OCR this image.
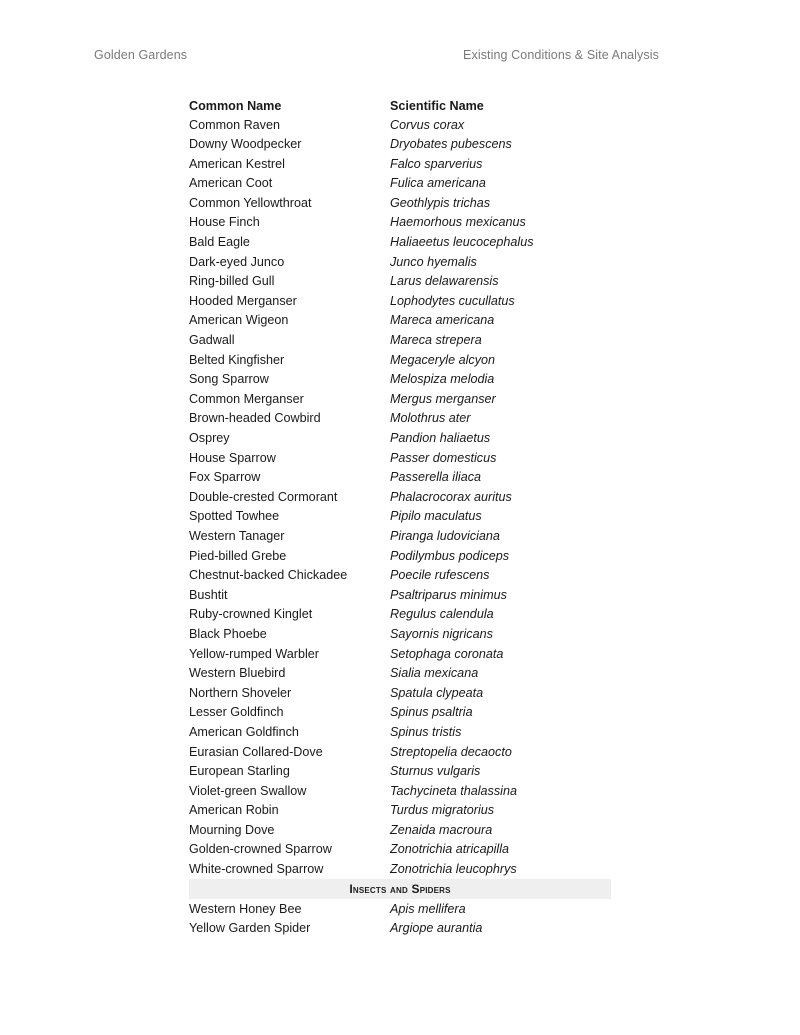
Golden Gardens	Existing Conditions & Site Analysis
Common Name	Scientific Name
Common Raven	Corvus corax
Downy Woodpecker	Dryobates pubescens
American Kestrel	Falco sparverius
American Coot	Fulica americana
Common Yellowthroat	Geothlypis trichas
House Finch	Haemorhous mexicanus
Bald Eagle	Haliaeetus leucocephalus
Dark-eyed Junco	Junco hyemalis
Ring-billed Gull	Larus delawarensis
Hooded Merganser	Lophodytes cucullatus
American Wigeon	Mareca americana
Gadwall	Mareca strepera
Belted Kingfisher	Megaceryle alcyon
Song Sparrow	Melospiza melodia
Common Merganser	Mergus merganser
Brown-headed Cowbird	Molothrus ater
Osprey	Pandion haliaetus
House Sparrow	Passer domesticus
Fox Sparrow	Passerella iliaca
Double-crested Cormorant	Phalacrocorax auritus
Spotted Towhee	Pipilo maculatus
Western Tanager	Piranga ludoviciana
Pied-billed Grebe	Podilymbus podiceps
Chestnut-backed Chickadee	Poecile rufescens
Bushtit	Psaltriparus minimus
Ruby-crowned Kinglet	Regulus calendula
Black Phoebe	Sayornis nigricans
Yellow-rumped Warbler	Setophaga coronata
Western Bluebird	Sialia mexicana
Northern Shoveler	Spatula clypeata
Lesser Goldfinch	Spinus psaltria
American Goldfinch	Spinus tristis
Eurasian Collared-Dove	Streptopelia decaocto
European Starling	Sturnus vulgaris
Violet-green Swallow	Tachycineta thalassina
American Robin	Turdus migratorius
Mourning Dove	Zenaida macroura
Golden-crowned Sparrow	Zonotrichia atricapilla
White-crowned Sparrow	Zonotrichia leucophrys
Insects and Spiders
Western Honey Bee	Apis mellifera
Yellow Garden Spider	Argiope aurantia
